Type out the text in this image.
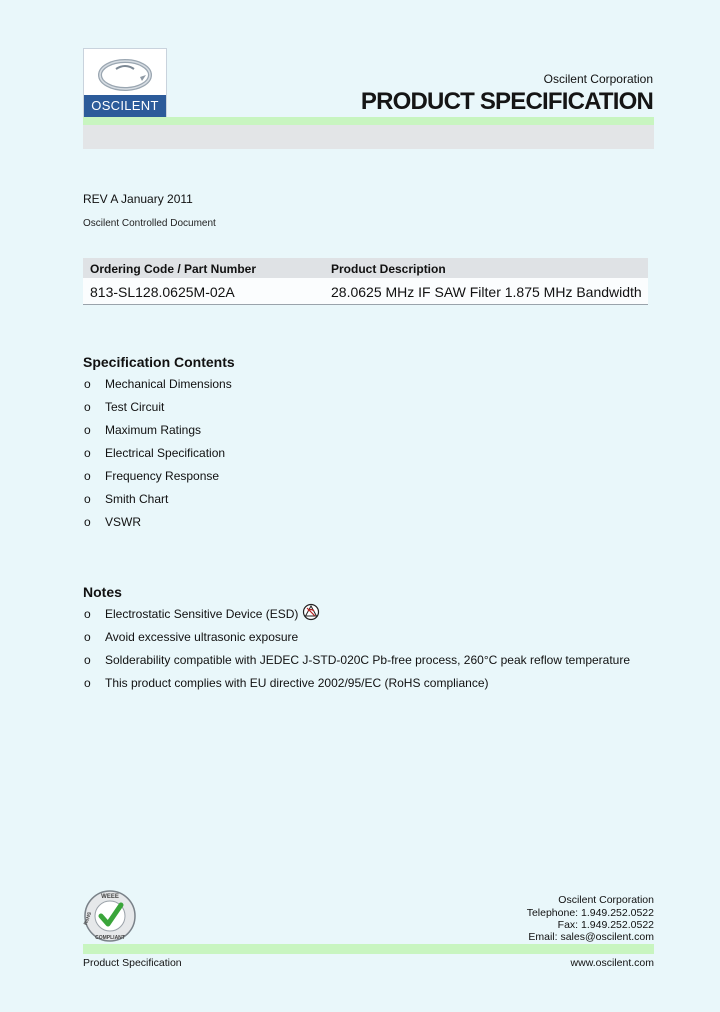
OSCILENT
Oscilent Corporation
PRODUCT SPECIFICATION
REV A January 2011
Oscilent Controlled Document
Ordering Code / Part Number	Product Description
813-SL128.0625M-02A	28.0625 MHz IF SAW Filter 1.875 MHz Bandwidth
Specification Contents
o Mechanical Dimensions
o Test Circuit
o Maximum Ratings
o Electrical Specification
o Frequency Response
o Smith Chart
o VSWR
Notes
o Electrostatic Sensitive Device (ESD)
o Avoid excessive ultrasonic exposure
o Solderability compatible with JEDEC J-STD-020C Pb-free process, 260°C peak reflow temperature
o This product complies with EU directive 2002/95/EC (RoHS compliance)
WEEE
COMPLIANT
RoHS
Oscilent Corporation
Telephone: 1.949.252.0522
Fax: 1.949.252.0522
Email: sales@oscilent.com
Product Specification	www.oscilent.com
